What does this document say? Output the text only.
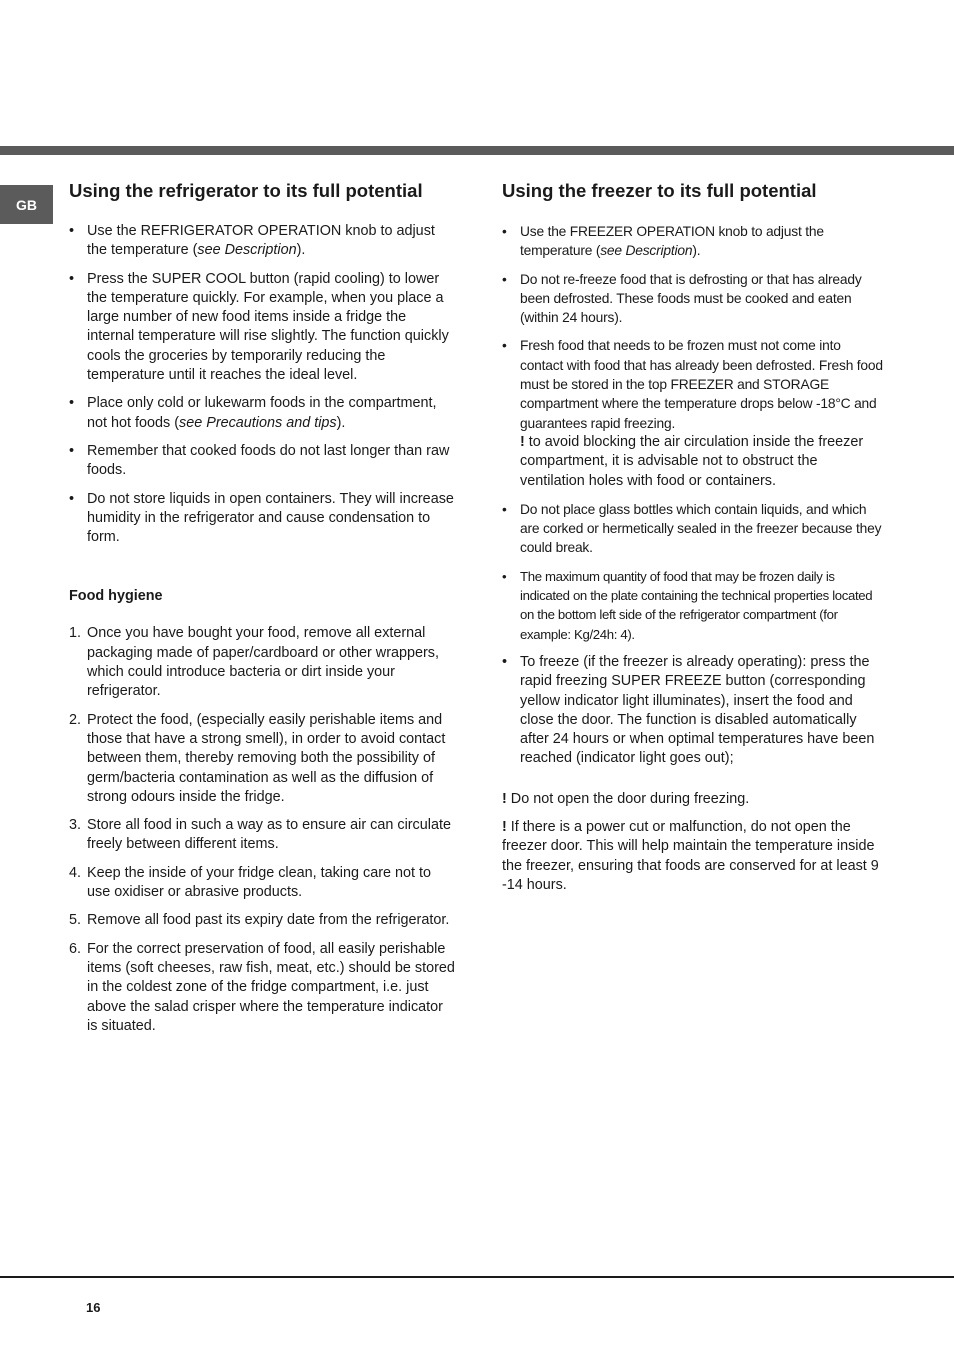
GB
Using the refrigerator to its full potential
• Use the REFRIGERATOR OPERATION knob to adjust the temperature (see Description).
• Press the SUPER COOL button (rapid cooling) to lower the temperature quickly. For example, when you place a large number of new food items inside a fridge the internal temperature will rise slightly. The function quickly cools the groceries by temporarily reducing the temperature until it reaches the ideal level.
• Place only cold or lukewarm foods in the compartment, not hot foods (see Precautions and tips).
• Remember that cooked foods do not last longer than raw foods.
• Do not store liquids in open containers. They will increase humidity in the refrigerator and cause condensation to form.
Food hygiene
1. Once you have bought your food, remove all external packaging made of paper/cardboard or other wrappers, which could introduce bacteria or dirt inside your refrigerator.
2. Protect the food, (especially easily perishable items and those that have a strong smell), in order to avoid contact between them, thereby removing both the possibility of germ/bacteria contamination as well as the diffusion of strong odours inside the fridge.
3. Store all food in such a way as to ensure air can circulate freely between different items.
4. Keep the inside of your fridge clean, taking care not to use oxidiser or abrasive products.
5. Remove all food past its expiry date from the refrigerator.
6. For the correct preservation of food, all easily perishable items (soft cheeses, raw fish, meat, etc.) should be stored in the coldest zone of the fridge compartment, i.e. just above the salad crisper where the temperature indicator is situated.
Using the freezer to its full potential
• Use the FREEZER OPERATION knob to adjust the temperature (see Description).
• Do not re-freeze food that is defrosting or that has already been defrosted. These foods must be cooked and eaten (within 24 hours).
• Fresh food that needs to be frozen must not come into contact with food that has already been defrosted. Fresh food must be stored in the top FREEZER and STORAGE compartment where the temperature drops below -18°C and guarantees rapid freezing.
! to avoid blocking the air circulation inside the freezer compartment, it is advisable not to obstruct the ventilation holes with food or containers.
• Do not place glass bottles which contain liquids, and which are corked or hermetically sealed in the freezer because they could break.
• The maximum quantity of food that may be frozen daily is indicated on the plate containing the technical properties located on the bottom left side of the refrigerator compartment (for example: Kg/24h: 4).
• To freeze (if the freezer is already operating): press the rapid freezing SUPER FREEZE button (corresponding yellow indicator light illuminates), insert the food and close the door. The function is disabled automatically after 24 hours or when optimal temperatures have been reached (indicator light goes out);

! Do not open the door during freezing.

! If there is a power cut or malfunction, do not open the freezer door. This will help maintain the temperature inside the freezer, ensuring that foods are conserved for at least 9 -14 hours.

16
